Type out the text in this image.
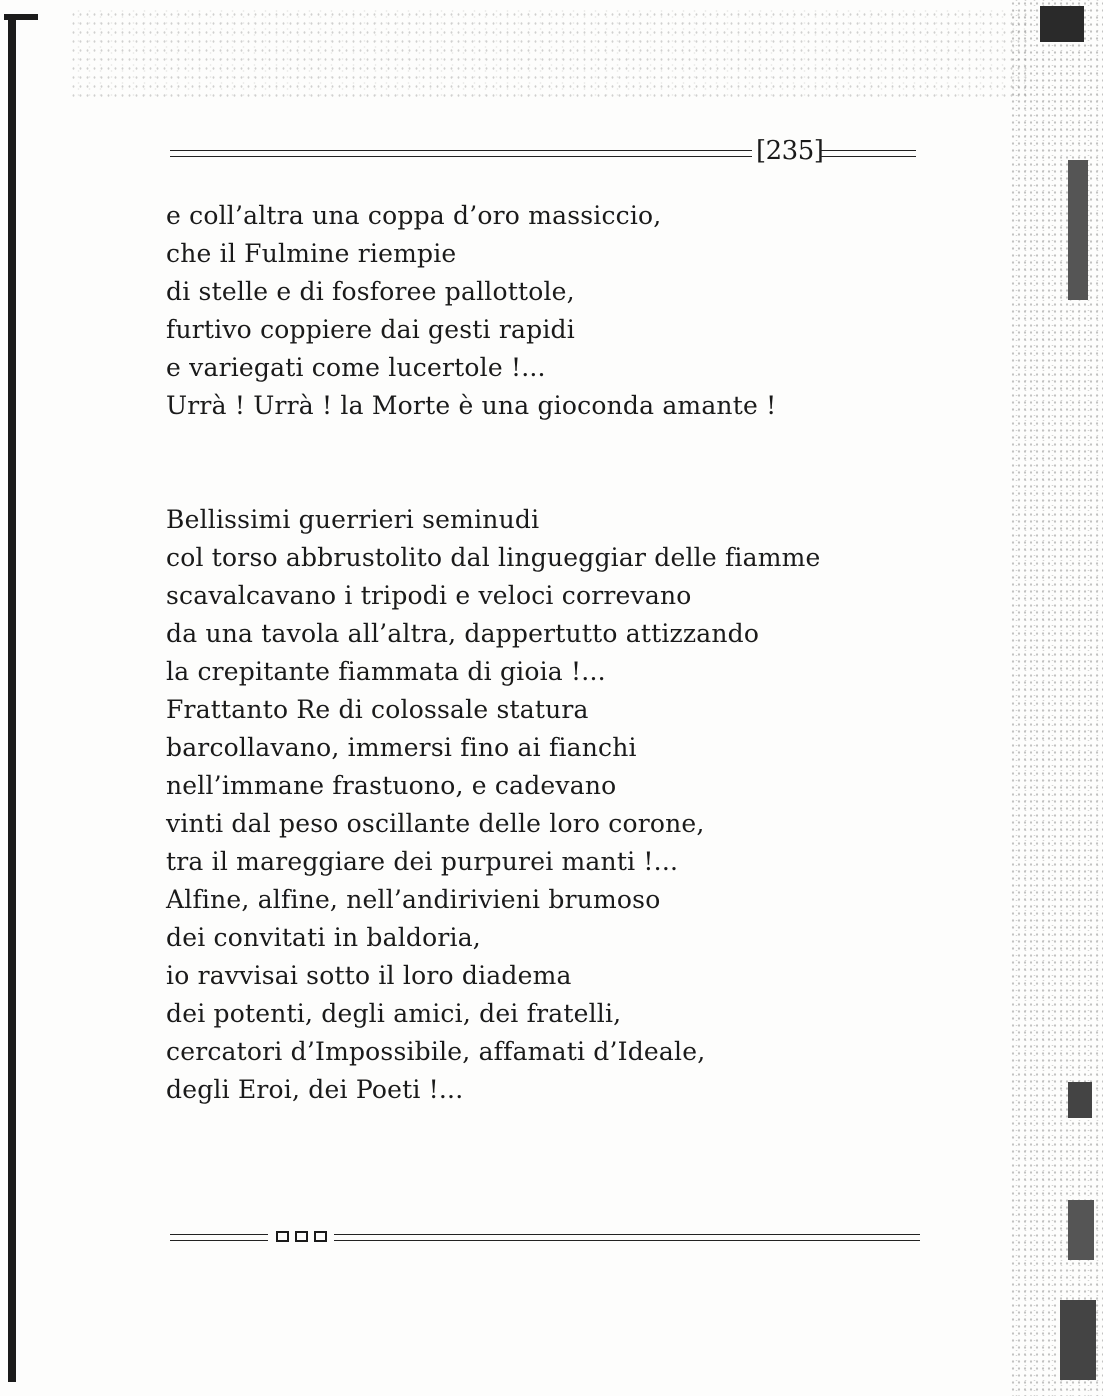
[235]
e coll’altra una coppa d’oro massiccio,
che il Fulmine riempie
di stelle e di fosforee pallottole,
furtivo coppiere dai gesti rapidi
e variegati come lucertole !...
Urrà ! Urrà ! la Morte è una gioconda amante !
Bellissimi guerrieri seminudi
col torso abbrustolito dal linguеggiar delle fiamme
scavalcavano i tripodi e veloci correvano
da una tavola all’altra, dappertutto attizzando
la crepitante fiammata di gioia !...
Frattanto Re di colossale statura
barcollavano, immersi fino ai fianchi
nell’immane frastuono, e cadevano
vinti dal peso oscillante delle loro corone,
tra il mareggiare dei purpurei manti !...
Alfine, alfine, nell’andirivieni brumoso
dei convitati in baldoria,
io ravvisai sotto il loro diadema
dei potenti, degli amici, dei fratelli,
cercatori d’Impossibile, affamati d’Ideale,
degli Eroi, dei Poeti !...
